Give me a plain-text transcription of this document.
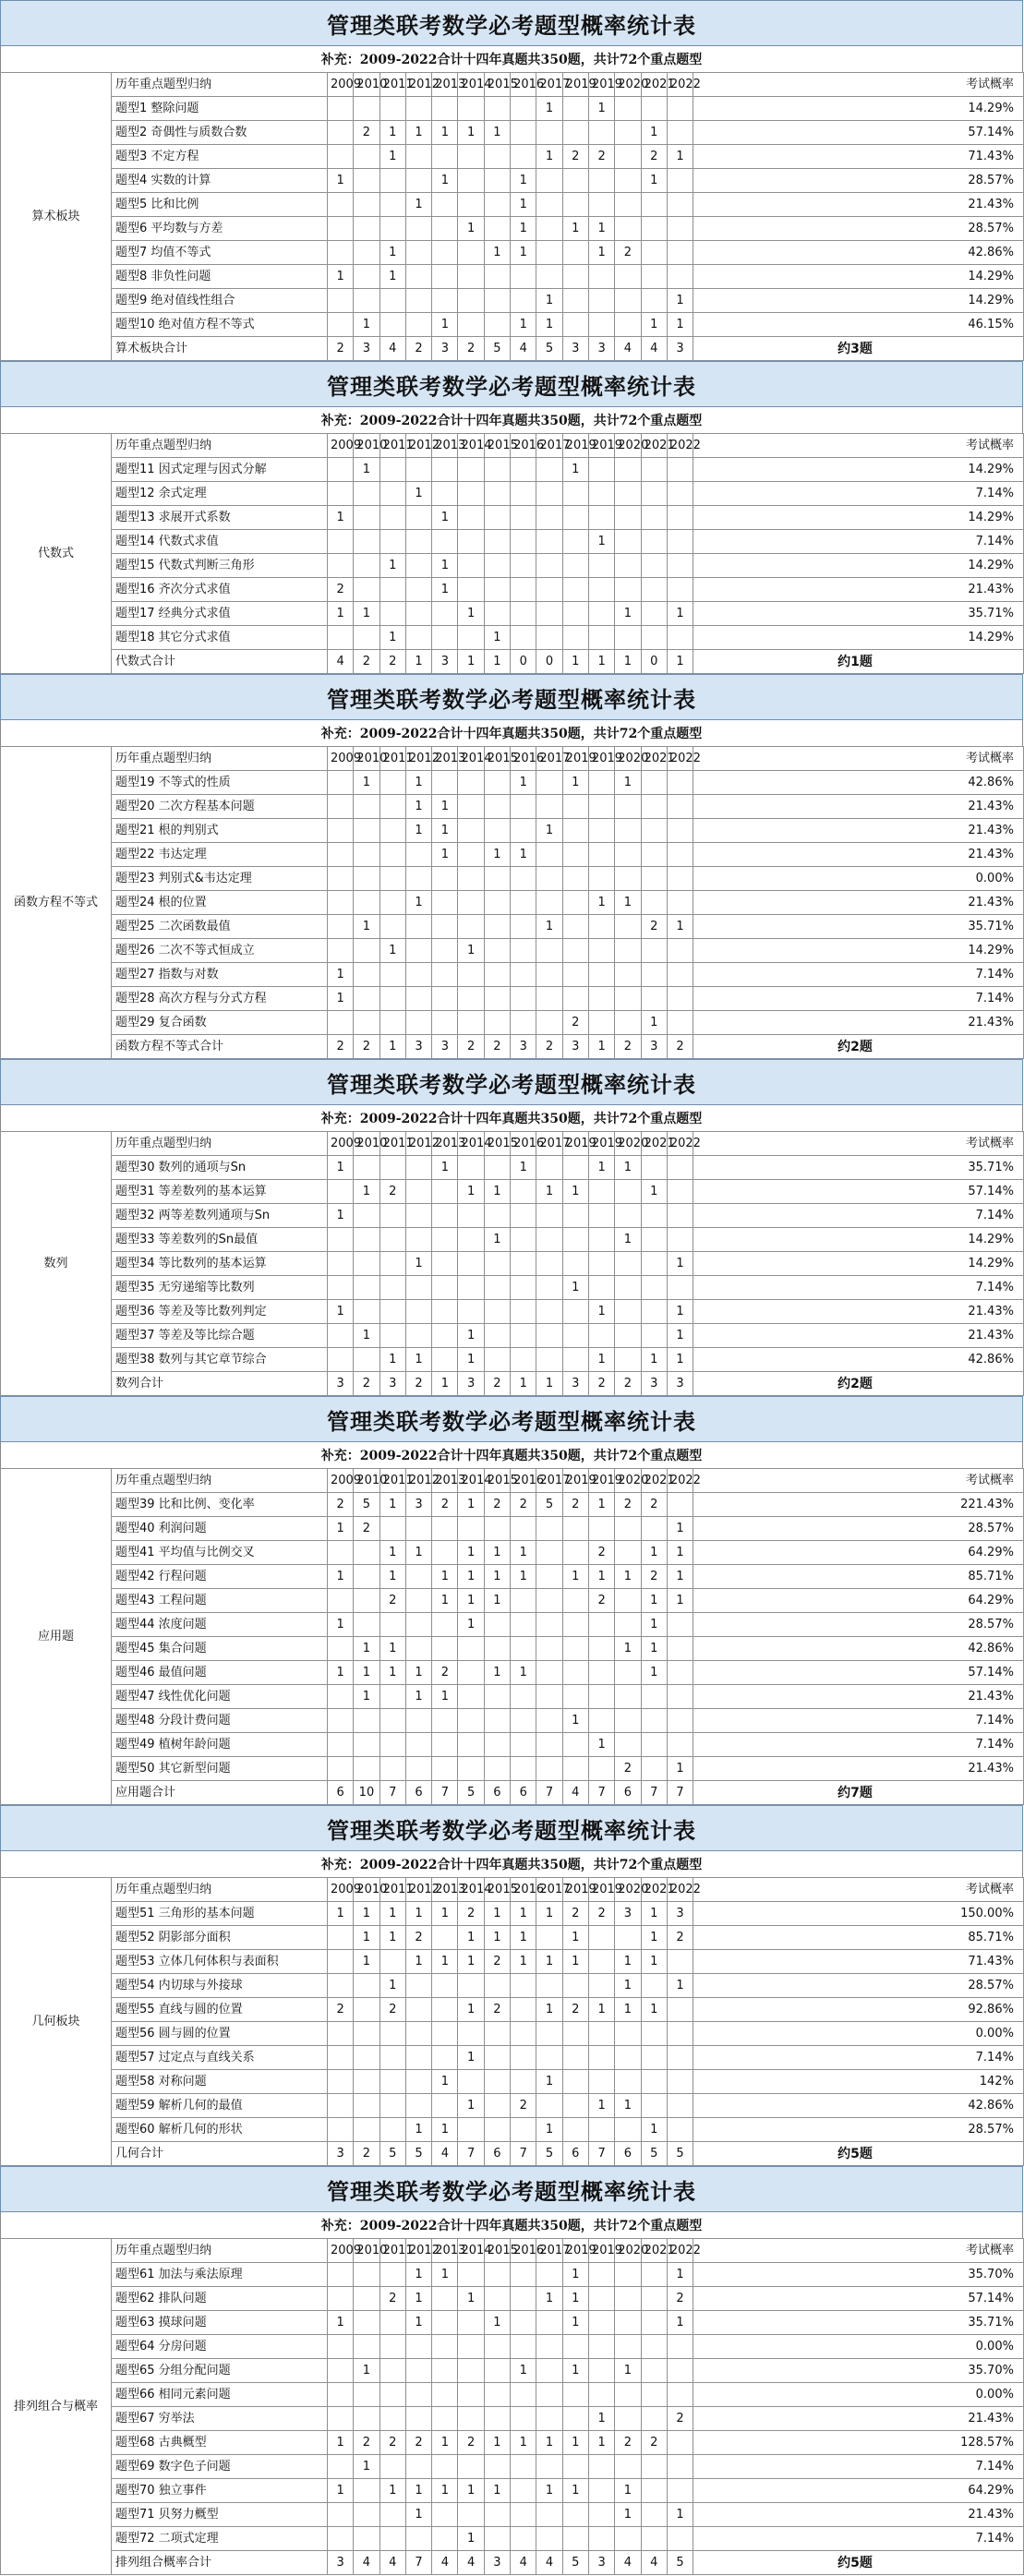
管理类联考数学必考题型概率统计表
补充：2009-2022合计十四年真题共350题，共计72个重点题型
算术板块	历年重点题型归纳	2009	2010	2011	2012	2013	2014	2015	2016	2017	2019	2019	2020	2021	2022	考试概率
	题型1 整除问题									1		1				14.29%
	题型2 奇偶性与质数合数		2	1	1	1	1	1						1		57.14%
	题型3 不定方程			1						1	2	2		2	1	71.43%
	题型4 实数的计算	1				1			1					1		28.57%
	题型5 比和比例				1				1							21.43%
	题型6 平均数与方差						1		1		1	1				28.57%
	题型7 均值不等式			1				1	1			1	2			42.86%
	题型8 非负性问题	1		1												14.29%
	题型9 绝对值线性组合									1					1	14.29%
	题型10 绝对值方程不等式		1			1			1	1				1	1	46.15%
	算术板块合计	2	3	4	2	3	2	5	4	5	3	3	4	4	3	约3题
管理类联考数学必考题型概率统计表
补充：2009-2022合计十四年真题共350题，共计72个重点题型
代数式	历年重点题型归纳	2009	2010	2011	2012	2013	2014	2015	2016	2017	2019	2019	2020	2021	2022	考试概率
	题型11 因式定理与因式分解		1								1					14.29%
	题型12 余式定理				1											7.14%
	题型13 求展开式系数	1				1										14.29%
	题型14 代数式求值											1				7.14%
	题型15 代数式判断三角形			1		1										14.29%
	题型16 齐次分式求值	2				1										21.43%
	题型17 经典分式求值	1	1				1						1		1	35.71%
	题型18 其它分式求值			1				1								14.29%
	代数式合计	4	2	2	1	3	1	1	0	0	1	1	1	0	1	约1题
管理类联考数学必考题型概率统计表
补充：2009-2022合计十四年真题共350题，共计72个重点题型
函数方程不等式	历年重点题型归纳	2009	2010	2011	2012	2013	2014	2015	2016	2017	2019	2019	2020	2021	2022	考试概率
	题型19 不等式的性质		1		1				1		1		1			42.86%
	题型20 二次方程基本问题				1	1										21.43%
	题型21 根的判别式				1	1				1						21.43%
	题型22 韦达定理					1		1	1							21.43%
	题型23 判别式&韦达定理															0.00%
	题型24 根的位置				1							1	1			21.43%
	题型25 二次函数最值		1							1				2	1	35.71%
	题型26 二次不等式恒成立			1			1									14.29%
	题型27 指数与对数	1														7.14%
	题型28 高次方程与分式方程	1														7.14%
	题型29 复合函数										2			1		21.43%
	函数方程不等式合计	2	2	1	3	3	2	2	3	2	3	1	2	3	2	约2题
管理类联考数学必考题型概率统计表
补充：2009-2022合计十四年真题共350题，共计72个重点题型
数列	历年重点题型归纳	2009	2010	2011	2012	2013	2014	2015	2016	2017	2019	2019	2020	2021	2022	考试概率
	题型30 数列的通项与Sn	1				1			1			1	1			35.71%
	题型31 等差数列的基本运算		1	2			1	1		1	1			1		57.14%
	题型32 两等差数列通项与Sn	1														7.14%
	题型33 等差数列的Sn最值							1					1			14.29%
	题型34 等比数列的基本运算				1										1	14.29%
	题型35 无穷递缩等比数列										1					7.14%
	题型36 等差及等比数列判定	1										1			1	21.43%
	题型37 等差及等比综合题		1				1								1	21.43%
	题型38 数列与其它章节综合			1	1		1					1		1	1	42.86%
	数列合计	3	2	3	2	1	3	2	1	1	3	2	2	3	3	约2题
管理类联考数学必考题型概率统计表
补充：2009-2022合计十四年真题共350题，共计72个重点题型
应用题	历年重点题型归纳	2009	2010	2011	2012	2013	2014	2015	2016	2017	2019	2019	2020	2021	2022	考试概率
	题型39 比和比例、变化率	2	5	1	3	2	1	2	2	5	2	1	2	2		221.43%
	题型40 利润问题	1	2												1	28.57%
	题型41 平均值与比例交叉			1	1		1	1	1			2		1	1	64.29%
	题型42 行程问题	1		1		1	1	1	1		1	1	1	2	1	85.71%
	题型43 工程问题			2		1	1	1				2		1	1	64.29%
	题型44 浓度问题	1					1							1		28.57%
	题型45 集合问题		1	1									1	1		42.86%
	题型46 最值问题	1	1	1	1	2		1	1					1		57.14%
	题型47 线性优化问题		1		1	1										21.43%
	题型48 分段计费问题										1					7.14%
	题型49 植树年龄问题											1				7.14%
	题型50 其它新型问题												2		1	21.43%
	应用题合计	6	10	7	6	7	5	6	6	7	4	7	6	7	7	约7题
管理类联考数学必考题型概率统计表
补充：2009-2022合计十四年真题共350题，共计72个重点题型
几何板块	历年重点题型归纳	2009	2010	2011	2012	2013	2014	2015	2016	2017	2019	2019	2020	2021	2022	考试概率
	题型51 三角形的基本问题	1	1	1	1	1	2	1	1	1	2	2	3	1	3	150.00%
	题型52 阴影部分面积		1	1	2		1	1	1		1			1	2	85.71%
	题型53 立体几何体积与表面积		1		1	1	1	2	1	1	1		1	1		71.43%
	题型54 内切球与外接球			1									1		1	28.57%
	题型55 直线与圆的位置	2		2			1	2		1	2	1	1	1		92.86%
	题型56 圆与圆的位置															0.00%
	题型57 过定点与直线关系						1									7.14%
	题型58 对称问题					1				1						142%
	题型59 解析几何的最值						1		2			1	1			42.86%
	题型60 解析几何的形状				1	1				1				1		28.57%
	几何合计	3	2	5	5	4	7	6	7	5	6	7	6	5	5	约5题
管理类联考数学必考题型概率统计表
补充：2009-2022合计十四年真题共350题，共计72个重点题型
排列组合与概率	历年重点题型归纳	2009	2010	2011	2012	2013	2014	2015	2016	2017	2019	2019	2020	2021	2022	考试概率
	题型61 加法与乘法原理				1	1					1				1	35.70%
	题型62 排队问题			2	1		1			1	1				2	57.14%
	题型63 摸球问题	1			1			1			1				1	35.71%
	题型64 分房问题															0.00%
	题型65 分组分配问题		1						1		1		1			35.70%
	题型66 相同元素问题															0.00%
	题型67 穷举法											1			2	21.43%
	题型68 古典概型	1	2	2	2	1	2	1	1	1	1	1	2	2		128.57%
	题型69 数字色子问题		1													7.14%
	题型70 独立事件	1		1	1	1	1	1		1	1		1			64.29%
	题型71 贝努力概型				1								1		1	21.43%
	题型72 二项式定理						1									7.14%
	排列组合概率合计	3	4	4	7	4	4	3	4	4	5	3	4	4	5	约5题
